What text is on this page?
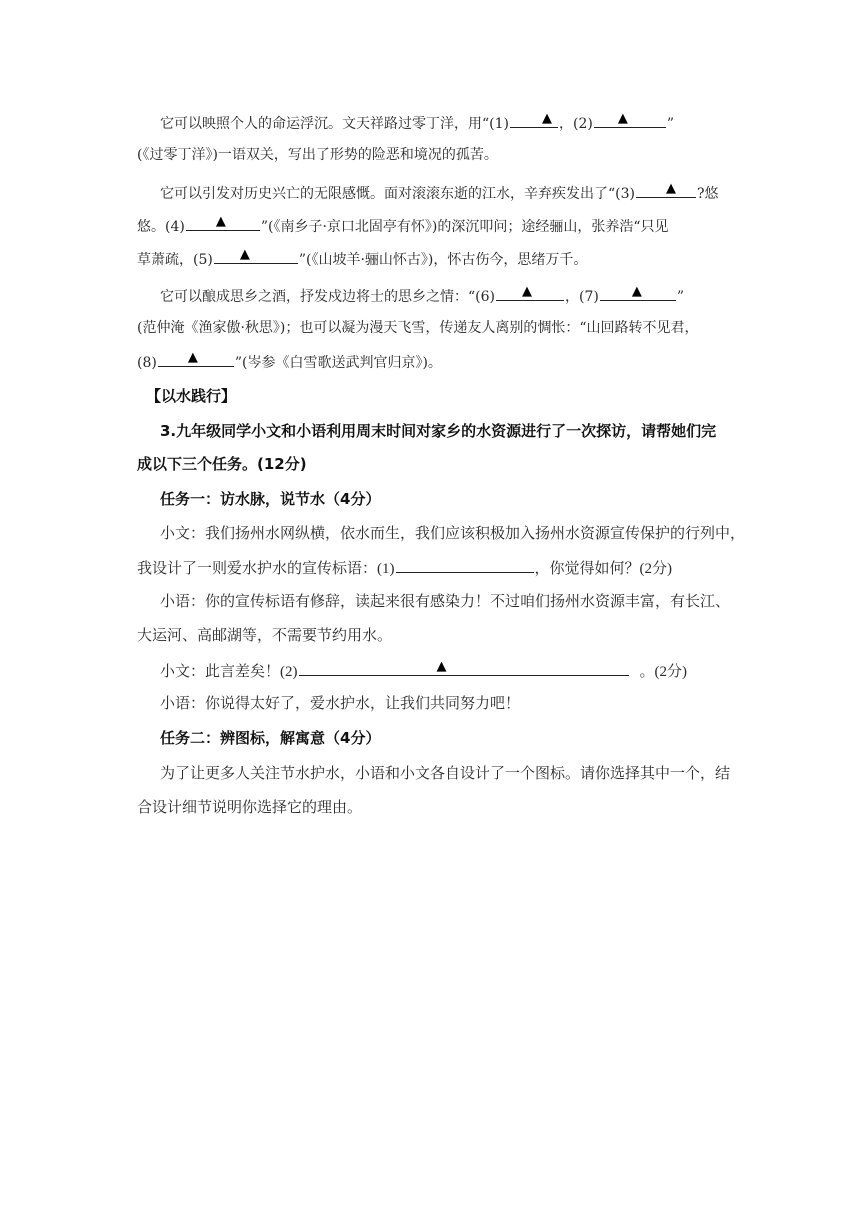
它可以映照个人的命运浮沉。文天祥路过零丁洋，用“(1)	▲ ，(2) ▲	”
(《过零丁洋》)一语双关，写出了形势的险恶和境况的孤苦。
它可以引发对历史兴亡的无限感慨。面对滚滚东逝的江水，辛弃疾发出了“(3) ▲ ?悠
悠。(4) ▲	”(《南乡子·京口北固亭有怀》)的深沉叩问；途经骊山，张养浩“只见
草萧疏，(5) ▲	”(《山坡羊·骊山怀古》)，怀古伤今，思绪万千。
它可以酿成思乡之酒，抒发戍边将士的思乡之情：“(6) ▲ ，(7)	▲	”
(范仲淹《渔家傲·秋思》)；也可以凝为漫天飞雪，传递友人离别的惆怅：“山回路转不见君，
(8) ▲	”(岑参《白雪歌送武判官归京》)。
【以水践行】
3.九年级同学小文和小语利用周末时间对家乡的水资源进行了一次探访，请帮她们完
成以下三个任务。(12分)
任务一：访水脉，说节水（4分）
小文：我们扬州水网纵横，依水而生，我们应该积极加入扬州水资源宣传保护的行列中，
我设计了一则爱水护水的宣传标语：(1)	，你觉得如何？(2分)
小语：你的宣传标语有修辞，读起来很有感染力！不过咱们扬州水资源丰富，有长江、
大运河、高邮湖等，不需要节约用水。
小文：此言差矣！(2)	▲	。(2分)
小语：你说得太好了，爱水护水，让我们共同努力吧！
任务二：辨图标，解寓意（4分）
为了让更多人关注节水护水，小语和小文各自设计了一个图标。请你选择其中一个，结
合设计细节说明你选择它的理由。
